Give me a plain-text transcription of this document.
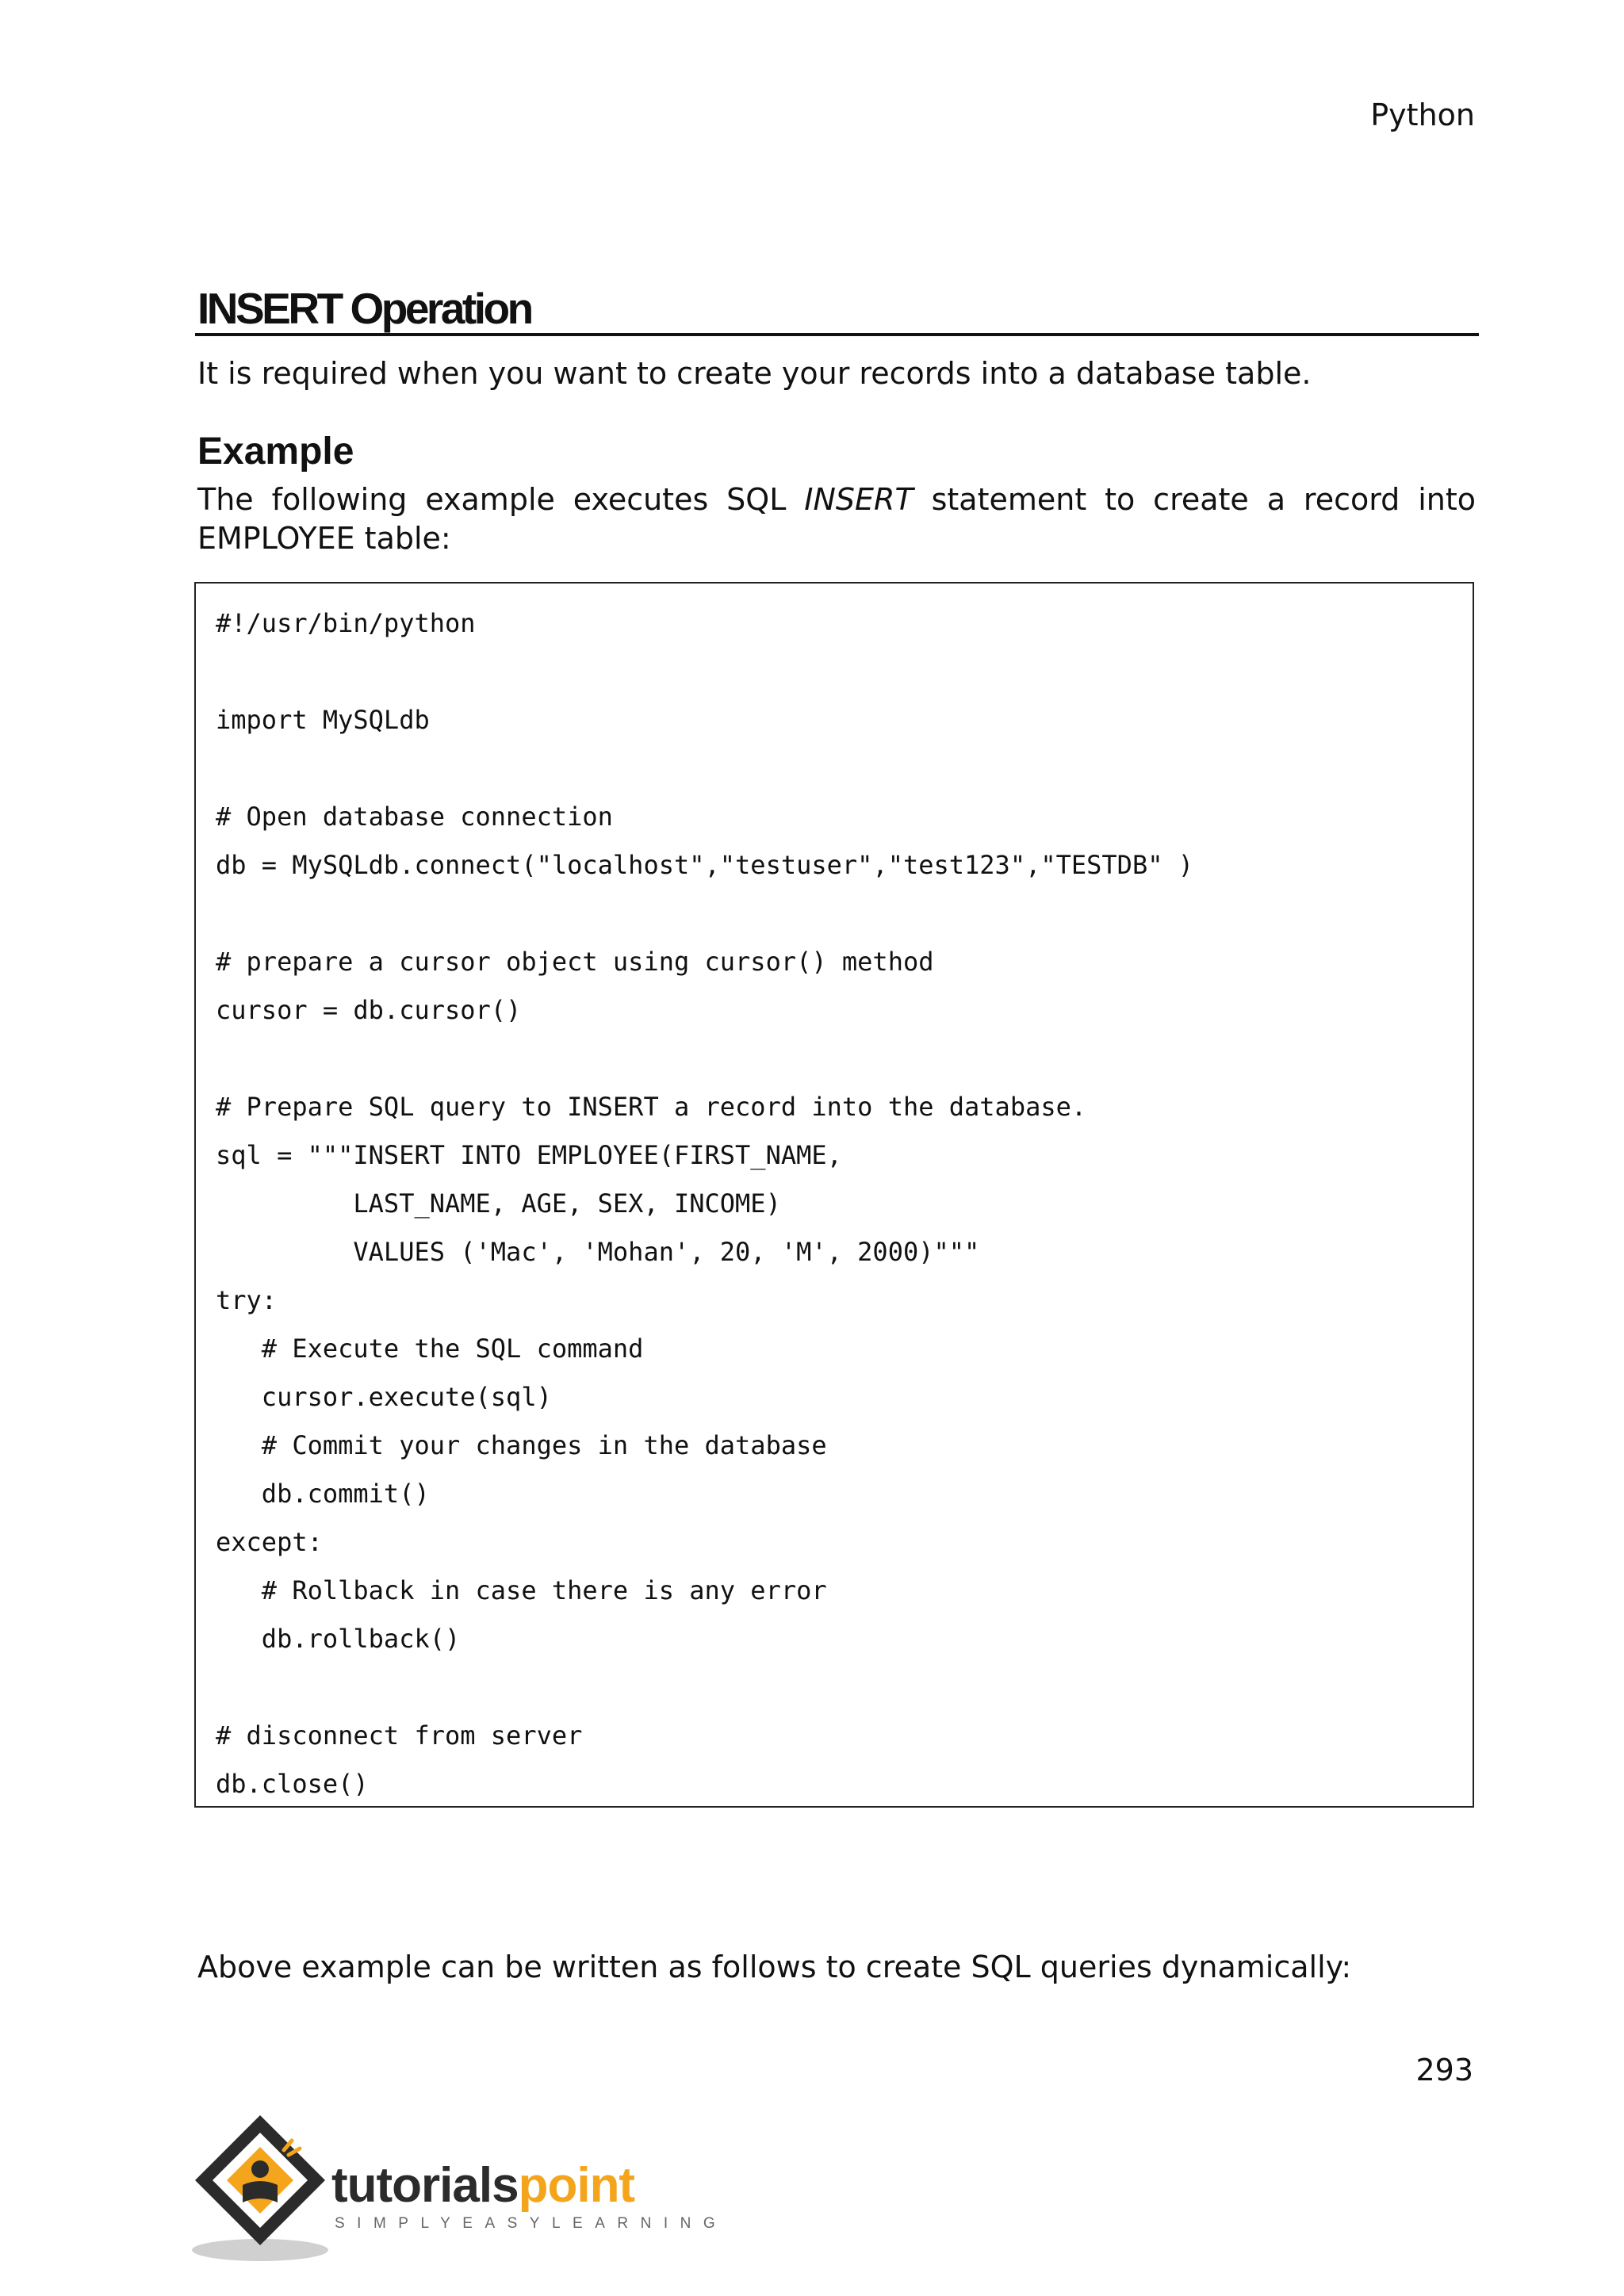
Python
INSERT Operation

It is required when you want to create your records into a database table.

Example

The following example executes SQL INSERT statement to create a record into EMPLOYEE table:

#!/usr/bin/python

import MySQLdb

# Open database connection
db = MySQLdb.connect("localhost","testuser","test123","TESTDB" )

# prepare a cursor object using cursor() method
cursor = db.cursor()

# Prepare SQL query to INSERT a record into the database.
sql = """INSERT INTO EMPLOYEE(FIRST_NAME,
LAST_NAME, AGE, SEX, INCOME)
VALUES ('Mac', 'Mohan', 20, 'M', 2000)"""
try:
# Execute the SQL command
cursor.execute(sql)
# Commit your changes in the database
db.commit()
except:
# Rollback in case there is any error
db.rollback()

# disconnect from server
db.close()

Above example can be written as follows to create SQL queries dynamically:

293
tutorialspoint
SIMPLYEASYLEARNING
